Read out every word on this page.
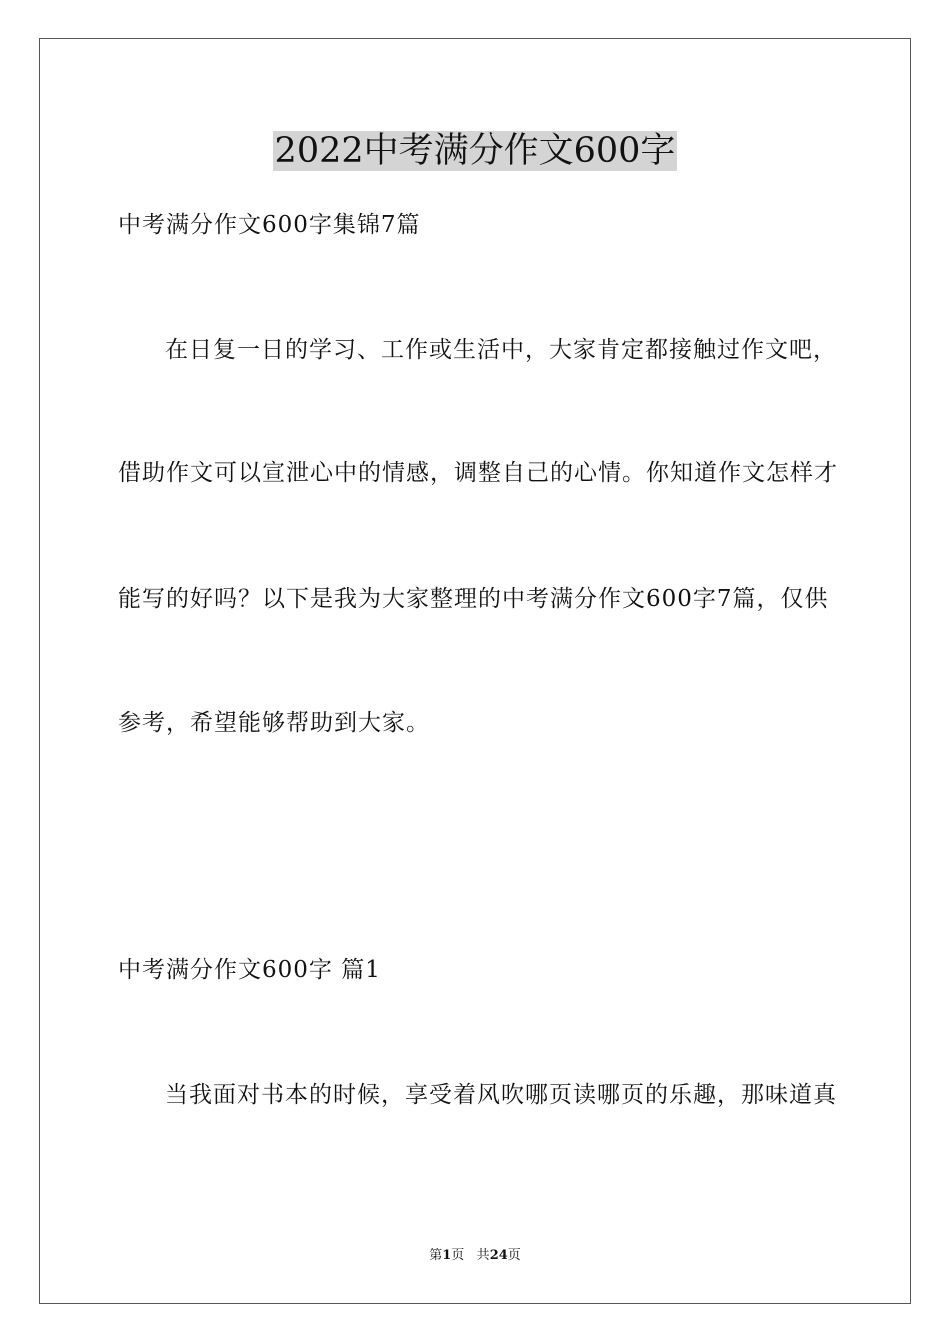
2022中考满分作文600字
中考满分作文600字集锦7篇
在日复一日的学习、工作或生活中，大家肯定都接触过作文吧，
借助作文可以宣泄心中的情感，调整自己的心情。你知道作文怎样才
能写的好吗？以下是我为大家整理的中考满分作文600字7篇，仅供
参考，希望能够帮助到大家。
中考满分作文600字 篇1
当我面对书本的时候，享受着风吹哪页读哪页的乐趣，那味道真
第1页 共24页
